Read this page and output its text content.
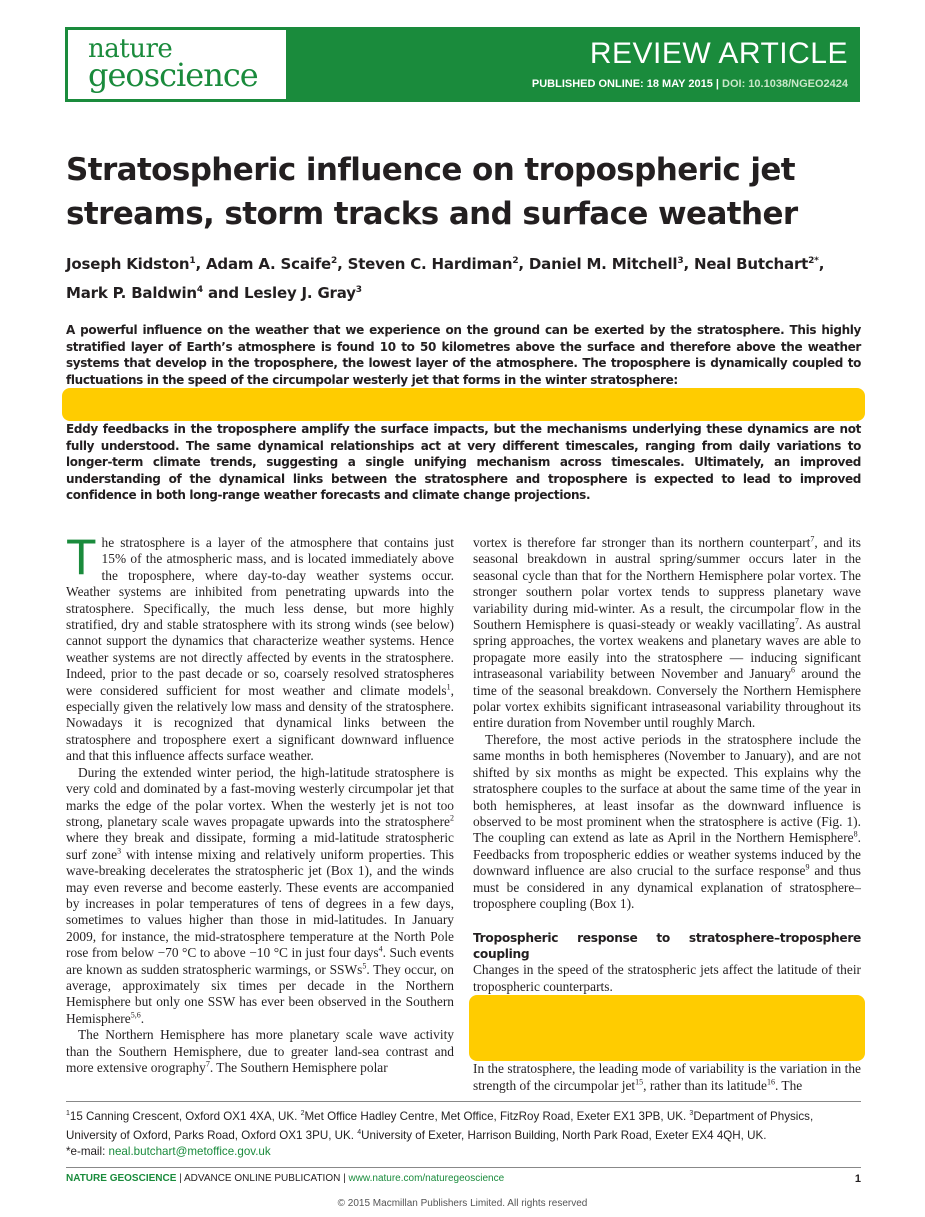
nature
geoscience
REVIEW ARTICLE
PUBLISHED ONLINE: 18 MAY 2015 | DOI: 10.1038/NGEO2424
Stratospheric influence on tropospheric jet streams, storm tracks and surface weather
Joseph Kidston$^1$, Adam A. Scaife$^2$, Steven C. Hardiman$^2$, Daniel M. Mitchell$^3$, Neal Butchart$^{2*}$,
Mark P. Baldwin$^4$ and Lesley J. Gray$^3$
A powerful influence on the weather that we experience on the ground can be exerted by the stratosphere. This highly stratified layer of Earth’s atmosphere is found 10 to 50 kilometres above the surface and therefore above the weather systems that develop in the troposphere, the lowest layer of the atmosphere. The troposphere is dynamically coupled to fluctuations in the speed of the circumpolar westerly jet that forms in the winter stratosphere:
Eddy feedbacks in the troposphere amplify the surface impacts, but the mechanisms underlying these dynamics are not fully understood. The same dynamical relationships act at very different timescales, ranging from daily variations to longer-term climate trends, suggesting a single unifying mechanism across timescales. Ultimately, an improved understanding of the dynamical links between the stratosphere and troposphere is expected to lead to improved confidence in both long-range weather forecasts and climate change projections.

The stratosphere is a layer of the atmosphere that contains just 15% of the atmospheric mass, and is located immediately above the troposphere, where day-to-day weather systems occur. Weather systems are inhibited from penetrating upwards into the stratosphere. Specifically, the much less dense, but more highly stratified, dry and stable stratosphere with its strong winds (see below) cannot support the dynamics that characterize weather systems. Hence weather systems are not directly affected by events in the stratosphere. Indeed, prior to the past decade or so, coarsely resolved stratospheres were considered sufficient for most weather and climate models$^1$, especially given the relatively low mass and density of the stratosphere. Nowadays it is recognized that dynamical links between the stratosphere and troposphere exert a significant downward influence and that this influence affects surface weather.

During the extended winter period, the high-latitude stratosphere is very cold and dominated by a fast-moving westerly circumpolar jet that marks the edge of the polar vortex. When the westerly jet is not too strong, planetary scale waves propagate upwards into the stratosphere$^2$ where they break and dissipate, forming a mid-latitude stratospheric surf zone$^3$ with intense mixing and relatively uniform properties. This wave-breaking decelerates the stratospheric jet (Box 1), and the winds may even reverse and become easterly. These events are accompanied by increases in polar temperatures of tens of degrees in a few days, sometimes to values higher than those in mid-latitudes. In January 2009, for instance, the mid-stratosphere temperature at the North Pole rose from below −70 °C to above −10 °C in just four days$^4$. Such events are known as sudden stratospheric warmings, or SSWs$^5$. They occur, on average, approximately six times per decade in the Northern Hemisphere but only one SSW has ever been observed in the Southern Hemisphere$^{5,6}$.

The Northern Hemisphere has more planetary scale wave activity than the Southern Hemisphere, due to greater land-sea contrast and more extensive orography$^7$. The Southern Hemisphere polar

vortex is therefore far stronger than its northern counterpart$^7$, and its seasonal breakdown in austral spring/summer occurs later in the seasonal cycle than that for the Northern Hemisphere polar vortex. The stronger southern polar vortex tends to suppress planetary wave variability during mid-winter. As a result, the circumpolar flow in the Southern Hemisphere is quasi-steady or weakly vacillating$^7$. As austral spring approaches, the vortex weakens and planetary waves are able to propagate more easily into the stratosphere — inducing significant intraseasonal variability between November and January$^6$ around the time of the seasonal breakdown. Conversely the Northern Hemisphere polar vortex exhibits significant intraseasonal variability throughout its entire duration from November until roughly March.

Therefore, the most active periods in the stratosphere include the same months in both hemispheres (November to January), and are not shifted by six months as might be expected. This explains why the stratosphere couples to the surface at about the same time of the year in both hemispheres, at least insofar as the downward influence is observed to be most prominent when the stratosphere is active (Fig. 1). The coupling can extend as late as April in the Northern Hemisphere$^8$. Feedbacks from tropospheric eddies or weather systems induced by the downward influence are also crucial to the surface response$^9$ and thus must be considered in any dynamical explanation of stratosphere–troposphere coupling (Box 1).

Tropospheric response to stratosphere–troposphere coupling

Changes in the speed of the stratospheric jets affect the latitude of their tropospheric counterparts.
In the stratosphere, the leading mode of variability is the variation in the strength of the circumpolar jet$^{15}$, rather than its latitude$^{16}$. The

$^1$15 Canning Crescent, Oxford OX1 4XA, UK. $^2$Met Office Hadley Centre, Met Office, FitzRoy Road, Exeter EX1 3PB, UK. $^3$Department of Physics, University of Oxford, Parks Road, Oxford OX1 3PU, UK. $^4$University of Exeter, Harrison Building, North Park Road, Exeter EX4 4QH, UK.
*e-mail: neal.butchart@metoffice.gov.uk
NATURE GEOSCIENCE | ADVANCE ONLINE PUBLICATION | www.nature.com/naturegeoscience	1
© 2015 Macmillan Publishers Limited. All rights reserved
